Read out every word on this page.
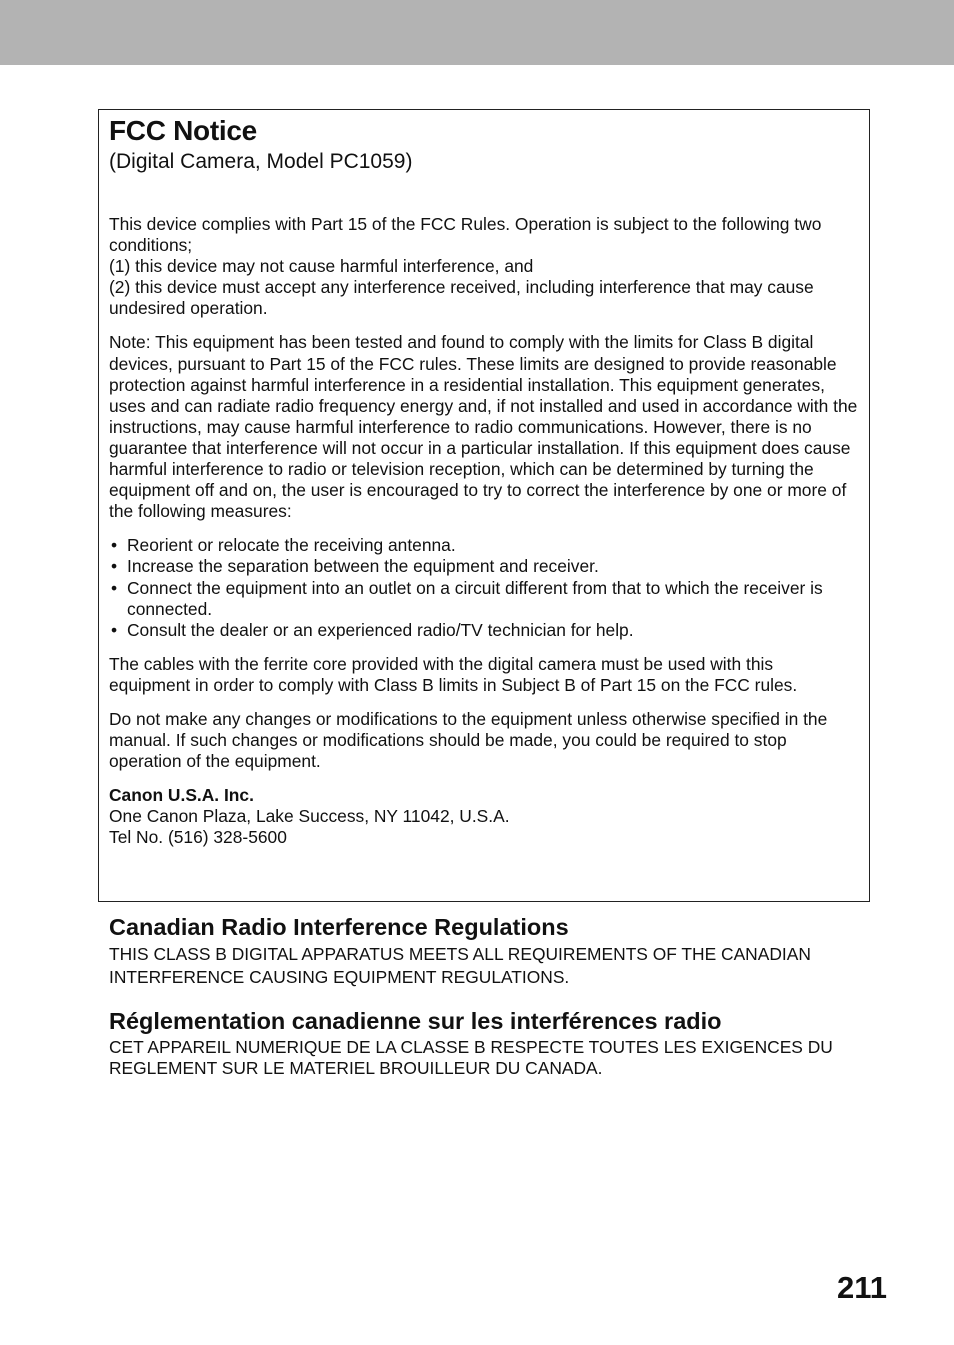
FCC Notice

(Digital Camera, Model PC1059)

This device complies with Part 15 of the FCC Rules. Operation is subject to the following two conditions;
(1) this device may not cause harmful interference, and
(2) this device must accept any interference received, including interference that may cause undesired operation.

Note: This equipment has been tested and found to comply with the limits for Class B digital devices, pursuant to Part 15 of the FCC rules. These limits are designed to provide reasonable protection against harmful interference in a residential installation. This equipment generates, uses and can radiate radio frequency energy and, if not installed and used in accordance with the instructions, may cause harmful interference to radio communications. However, there is no guarantee that interference will not occur in a particular installation. If this equipment does cause harmful interference to radio or television reception, which can be determined by turning the equipment off and on, the user is encouraged to try to correct the interference by one or more of the following measures:

• Reorient or relocate the receiving antenna.
• Increase the separation between the equipment and receiver.
• Connect the equipment into an outlet on a circuit different from that to which the receiver is connected.
• Consult the dealer or an experienced radio/TV technician for help.

The cables with the ferrite core provided with the digital camera must be used with this equipment in order to comply with Class B limits in Subject B of Part 15 on the FCC rules.

Do not make any changes or modifications to the equipment unless otherwise specified in the manual. If such changes or modifications should be made, you could be required to stop operation of the equipment.

Canon U.S.A. Inc.
One Canon Plaza, Lake Success, NY 11042, U.S.A.
Tel No. (516) 328-5600
Canadian Radio Interference Regulations

THIS CLASS B DIGITAL APPARATUS MEETS ALL REQUIREMENTS OF THE CANADIAN INTERFERENCE CAUSING EQUIPMENT REGULATIONS.

Réglementation canadienne sur les interférences radio

CET APPAREIL NUMERIQUE DE LA CLASSE B RESPECTE TOUTES LES EXIGENCES DU REGLEMENT SUR LE MATERIEL BROUILLEUR DU CANADA.

211
